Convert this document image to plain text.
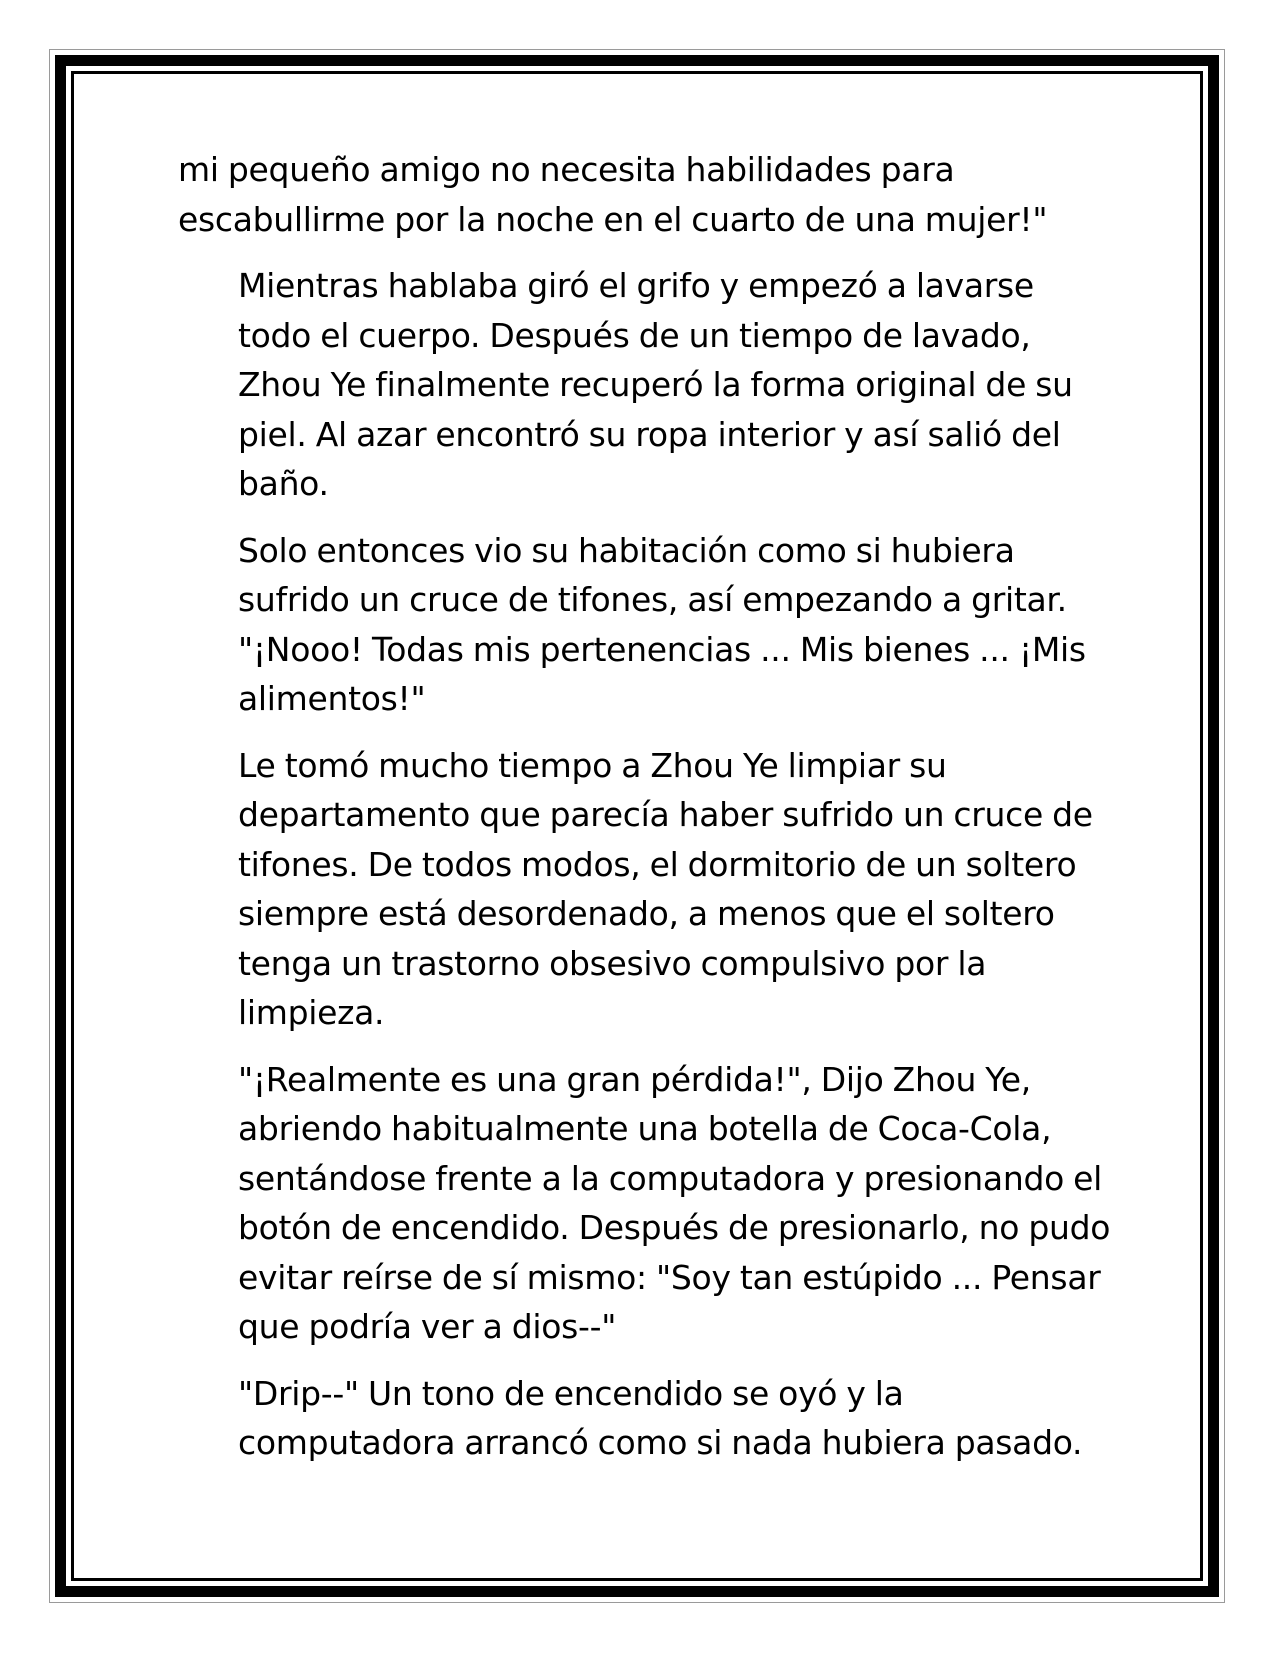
mi pequeño amigo no necesita habilidades para
escabullirme por la noche en el cuarto de una mujer!"

Mientras hablaba giró el grifo y empezó a lavarse
todo el cuerpo. Después de un tiempo de lavado,
Zhou Ye finalmente recuperó la forma original de su
piel. Al azar encontró su ropa interior y así salió del
baño.

Solo entonces vio su habitación como si hubiera
sufrido un cruce de tifones, así empezando a gritar.
"¡Nooo! Todas mis pertenencias ... Mis bienes ... ¡Mis
alimentos!"

Le tomó mucho tiempo a Zhou Ye limpiar su
departamento que parecía haber sufrido un cruce de
tifones. De todos modos, el dormitorio de un soltero
siempre está desordenado, a menos que el soltero
tenga un trastorno obsesivo compulsivo por la
limpieza.

"¡Realmente es una gran pérdida!", Dijo Zhou Ye,
abriendo habitualmente una botella de Coca-Cola,
sentándose frente a la computadora y presionando el
botón de encendido. Después de presionarlo, no pudo
evitar reírse de sí mismo: "Soy tan estúpido ... Pensar
que podría ver a dios--"

"Drip--" Un tono de encendido se oyó y la
computadora arrancó como si nada hubiera pasado.
